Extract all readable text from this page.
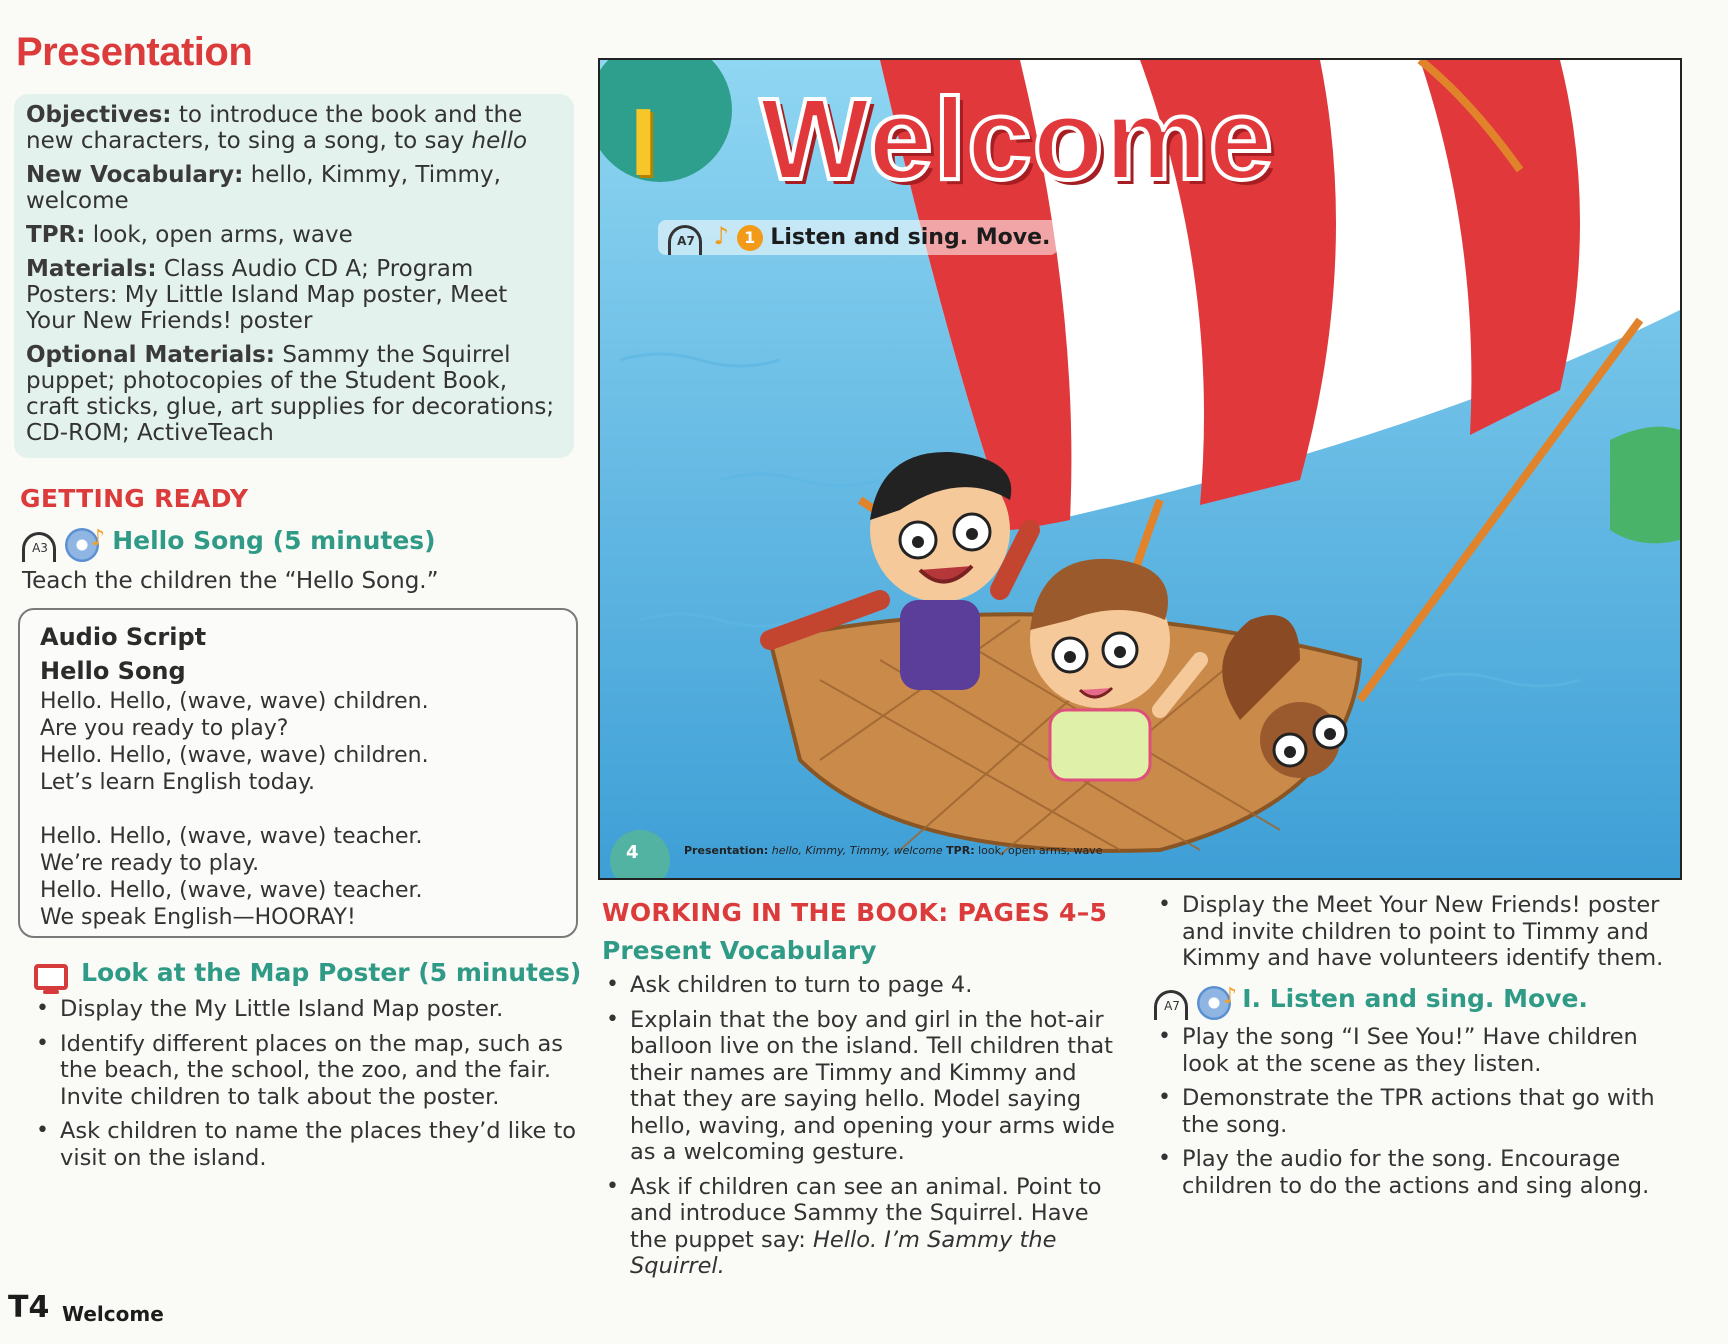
Presentation
Objectives: to introduce the book and the new characters, to sing a song, to say hello
New Vocabulary: hello, Kimmy, Timmy, welcome
TPR: look, open arms, wave
Materials: Class Audio CD A; Program Posters: My Little Island Map poster, Meet Your New Friends! poster
Optional Materials: Sammy the Squirrel puppet; photocopies of the Student Book, craft sticks, glue, art supplies for decorations; CD-ROM; ActiveTeach
GETTING READY
A3
	♪ Hello Song (5 minutes)
Teach the children the “Hello Song.”
Audio Script
Hello Song
Hello. Hello, (wave, wave) children.
Are you ready to play?
Hello. Hello, (wave, wave) children.
Let’s learn English today.
Hello. Hello, (wave, wave) teacher.
We’re ready to play.
Hello. Hello, (wave, wave) teacher.
We speak English—HOORAY!
Look at the Map Poster (5 minutes)
• Display the My Little Island Map poster.
• Identify different places on the map, such as the beach, the school, the zoo, and the fair. Invite children to talk about the poster.
• Ask children to name the places they’d like to visit on the island.
I Welcome
A7 ♪ 1 Listen and sing. Move.
4	Presentation: hello, Kimmy, Timmy, welcome TPR: look, open arms, wave
WORKING IN THE BOOK: PAGES 4–5
Present Vocabulary
• Ask children to turn to page 4.
• Explain that the boy and girl in the hot-air balloon live on the island. Tell children that their names are Timmy and Kimmy and that they are saying hello. Model saying hello, waving, and opening your arms wide as a welcoming gesture.
• Ask if children can see an animal. Point to and introduce Sammy the Squirrel. Have the puppet say: Hello. I’m Sammy the Squirrel.
• Display the Meet Your New Friends! poster and invite children to point to Timmy and Kimmy and have volunteers identify them.
A7
	♪ I. Listen and sing. Move.
• Play the song “I See You!” Have children look at the scene as they listen.
• Demonstrate the TPR actions that go with the song.
• Play the audio for the song. Encourage children to do the actions and sing along.
T4 Welcome
